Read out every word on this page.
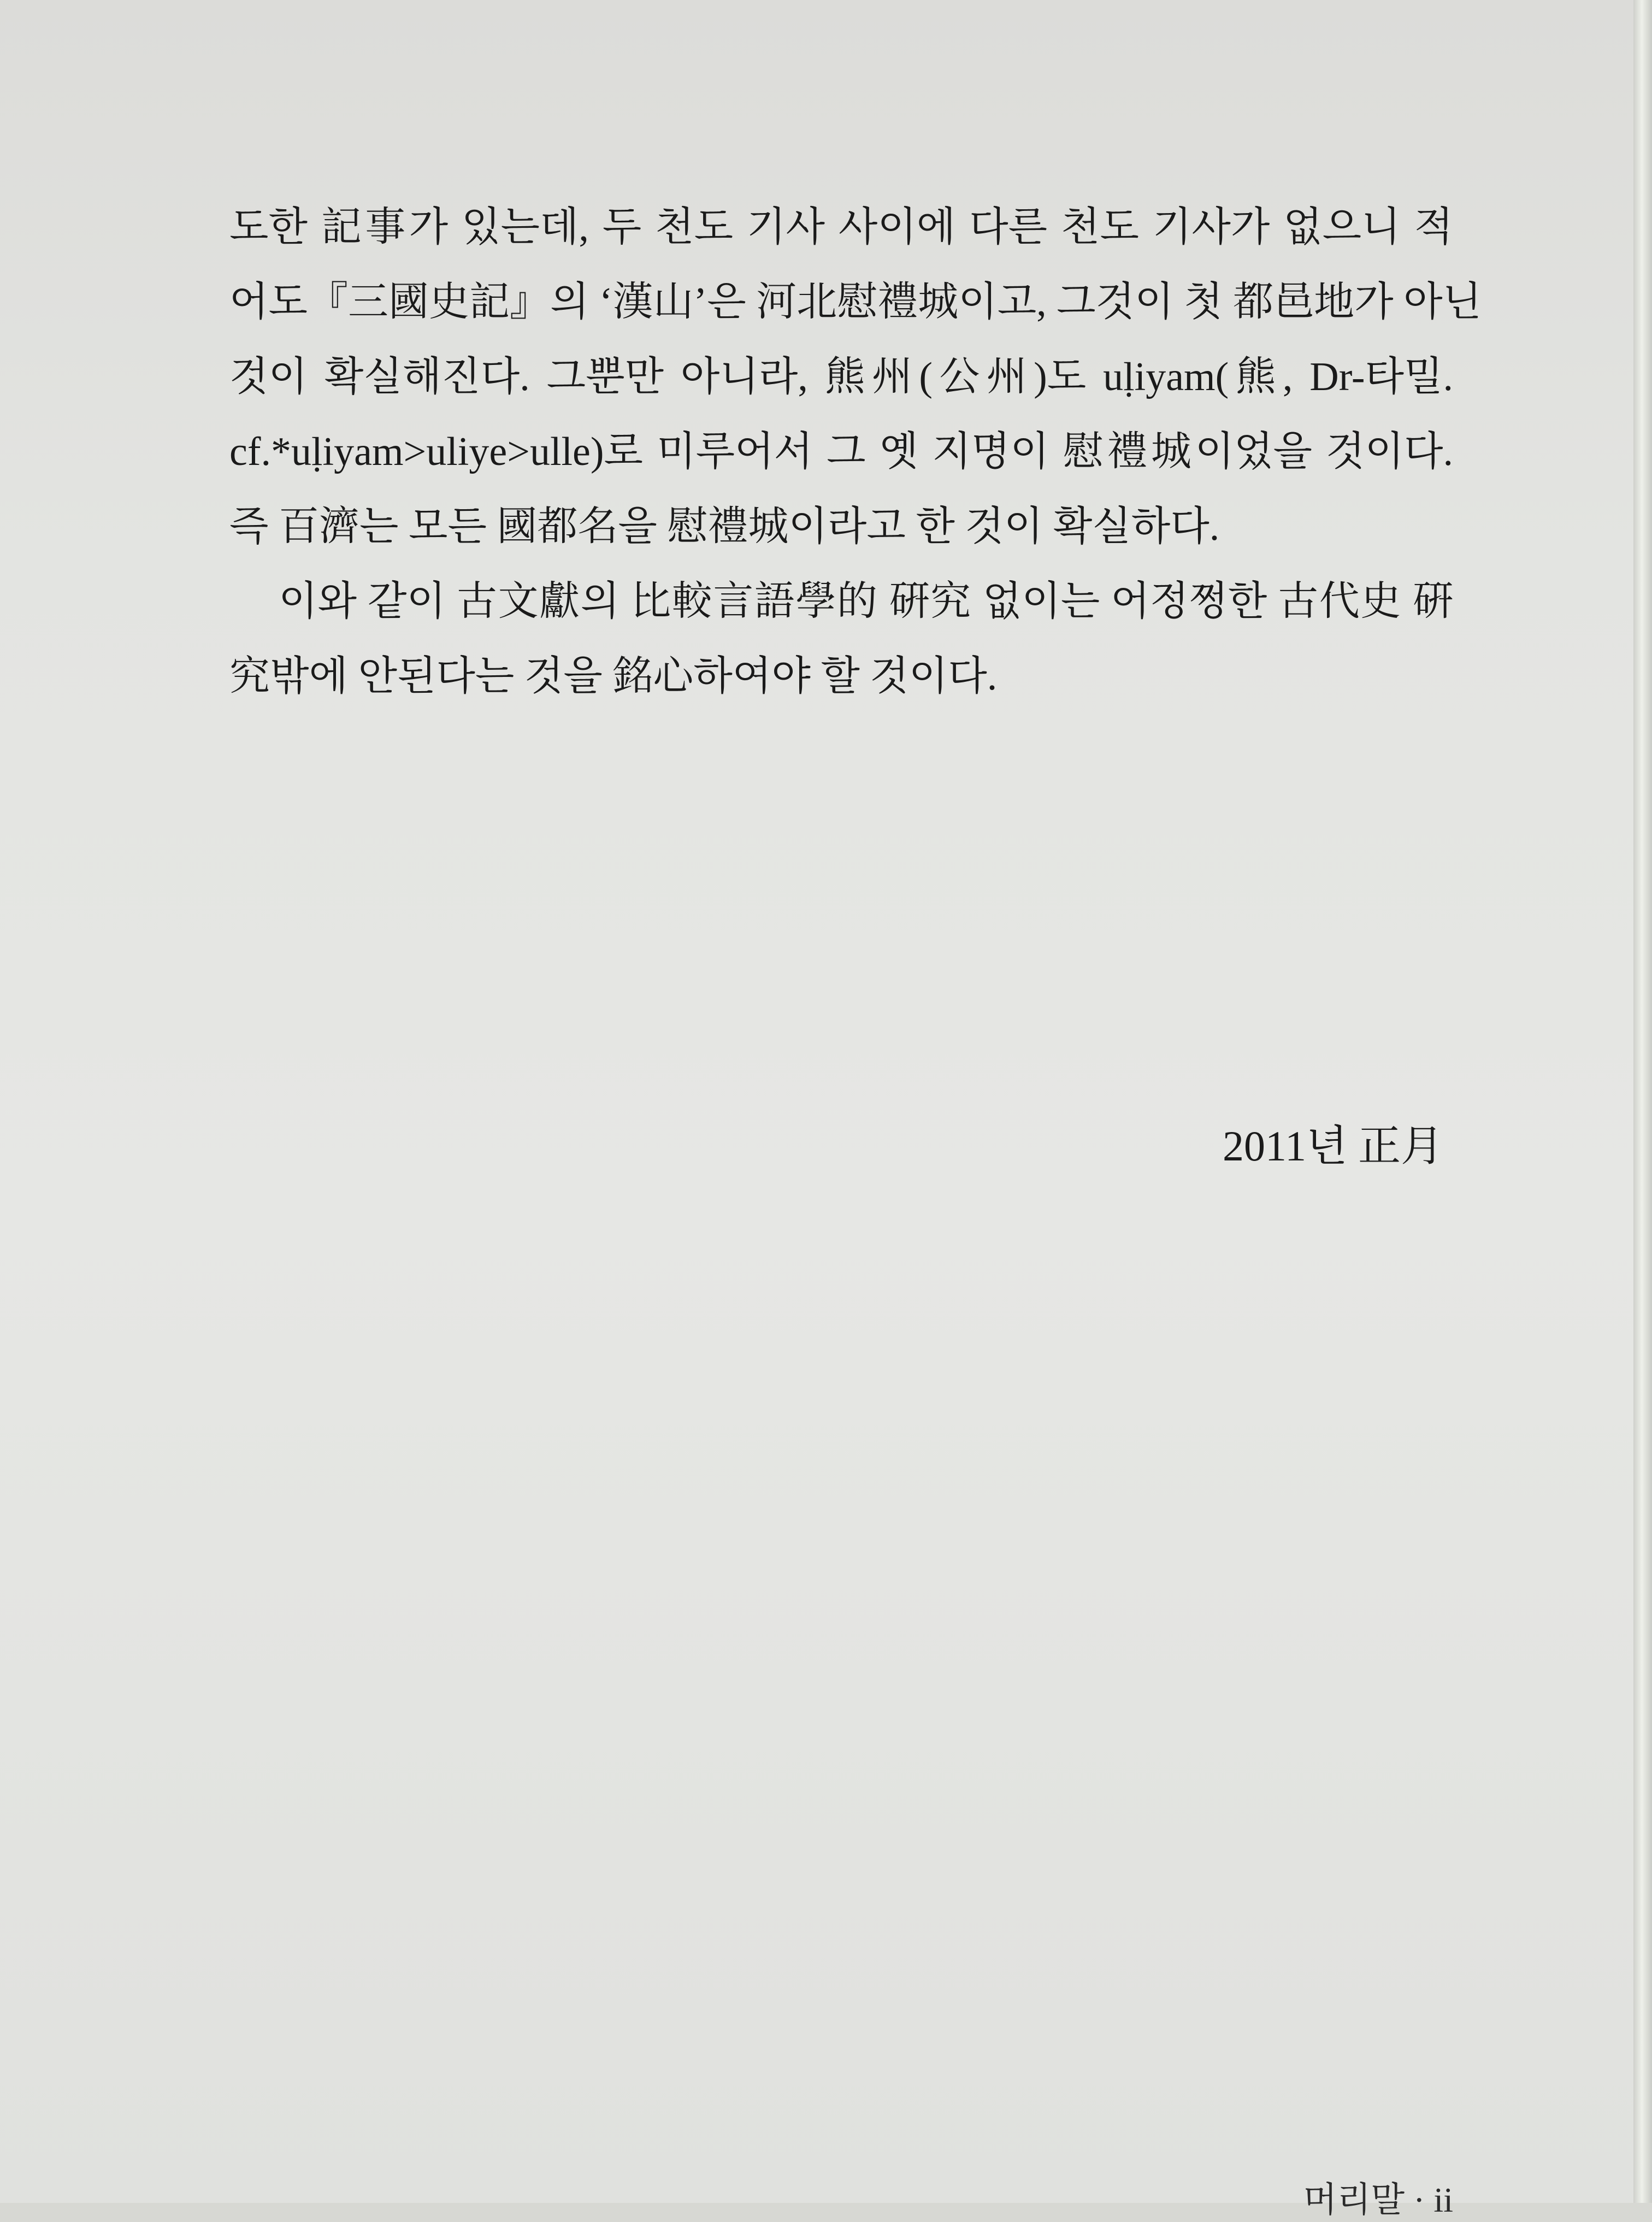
도한 記事가 있는데, 두 천도 기사 사이에 다른 천도 기사가 없으니 적
어도『三國史記』의 ‘漢山’은 河北慰禮城이고, 그것이 첫 都邑地가 아닌
것이 확실해진다. 그뿐만 아니라, 熊州(公州)도 uḷiyam(熊, Dr-타밀.
cf.*uḷiyam>uliye>ulle)로 미루어서 그 옛 지명이 慰禮城이었을 것이다.
즉 百濟는 모든 國都名을 慰禮城이라고 한 것이 확실하다.
이와 같이 古文獻의 比較言語學的 硏究 없이는 어정쩡한 古代史 硏
究밖에 안된다는 것을 銘心하여야 할 것이다.
2011년 正月
머리말 · ii
